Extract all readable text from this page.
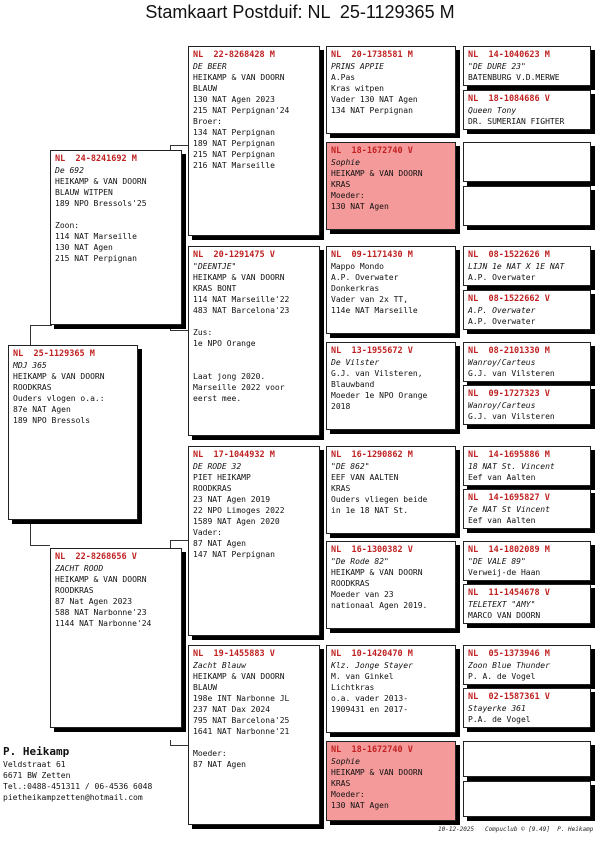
Stamkaart Postduif: NL  25-1129365 M
NL  25-1129365 M
MDJ 365
HEIKAMP & VAN DOORN
ROODKRAS
Ouders vlogen o.a.:
87e NAT Agen
189 NPO Bressols
NL  24-8241692 M
De 692
HEIKAMP & VAN DOORN
BLAUW WITPEN
189 NPO Bressols'25

Zoon:
114 NAT Marseille
130 NAT Agen
215 NAT Perpignan
NL  22-8268656 V
ZACHT ROOD
HEIKAMP & VAN DOORN
ROODKRAS
87 Nat Agen 2023
588 NAT Narbonne'23
1144 NAT Narbonne'24
NL  22-8268428 M
DE BEER
HEIKAMP & VAN DOORN
BLAUW
130 NAT Agen 2023
215 NAT Perpignan'24
Broer:
134 NAT Perpignan
189 NAT Perpignan
215 NAT Perpignan
216 NAT Marseille
NL  20-1291475 V
"DEENTJE"
HEIKAMP & VAN DOORN
KRAS BONT
114 NAT Marseille'22
483 NAT Barcelona'23

Zus:
1e NPO Orange

Laat jong 2020.
Marseille 2022 voor
eerst mee.
NL  17-1044932 M
DE RODE 32
PIET HEIKAMP
ROODKRAS
23 NAT Agen 2019
22 NPO Limoges 2022
1589 NAT Agen 2020
Vader:
87 NAT Agen
147 NAT Perpignan
NL  19-1455883 V
Zacht Blauw
HEIKAMP & VAN DOORN
BLAUW
198e INT Narbonne JL
237 NAT Dax 2024
795 NAT Barcelona'25
1641 NAT Narbonne'21

Moeder:
87 NAT Agen
NL  20-1738581 M
PRINS APPIE
A.Pas
Kras witpen
Vader 130 NAT Agen
134 NAT Perpignan
NL  18-1672740 V
Sophie
HEIKAMP & VAN DOORN
KRAS
Moeder:
130 NAT Agen
NL  09-1171430 M
Mappo Mondo
A.P. Overwater
Donkerkras
Vader van 2x TT,
114e NAT Marseille
NL  13-1955672 V
De Vilster
G.J. van Vilsteren,
Blauwband
Moeder 1e NPO Orange
2018
NL  16-1290862 M
"DE 862"
EEF VAN AALTEN
KRAS
Ouders vliegen beide
in 1e 18 NAT St.
NL  16-1300382 V
"De Rode 82"
HEIKAMP & VAN DOORN
ROODKRAS
Moeder van 23
nationaal Agen 2019.
NL  10-1420470 M
Klz. Jonge Stayer
M. van Ginkel
Lichtkras
o.a. vader 2013-
1909431 en 2017-
NL  18-1672740 V
Sophie
HEIKAMP & VAN DOORN
KRAS
Moeder:
130 NAT Agen
NL  14-1040623 M
"DE DURE 23"
BATENBURG V.D.MERWE
NL  18-1084686 V
Queen Tony
DR. SUMERIAN FIGHTER
NL  08-1522626 M
LIJN 1e NAT X 1E NAT
A.P. Overwater
NL  08-1522662 V
A.P. Overwater
A.P. Overwater
NL  08-2101330 M
Wanroy/Carteus
G.J. van Vilsteren
NL  09-1727323 V
Wanroy/Carteus
G.J. van Vilsteren
NL  14-1695886 M
18 NAT St. Vincent
Eef van Aalten
NL  14-1695827 V
7e NAT St Vincent
Eef van Aalten
NL  14-1802089 M
"DE VALE 89"
Verweij-de Haan
NL  11-1454678 V
TELETEXT "AMY"
MARCO VAN DOORN
NL  05-1373946 M
Zoon Blue Thunder
P. A. de Vogel
NL  02-1587361 V
Stayerke 361
P.A. de Vogel
P. Heikamp
Veldstraat 61
6671 BW Zetten
Tel.:0488-451311 / 06-4536 6048
pietheikampzetten@hotmail.com
10-12-2025   Compuclub © [9.49]  P. Heikamp
